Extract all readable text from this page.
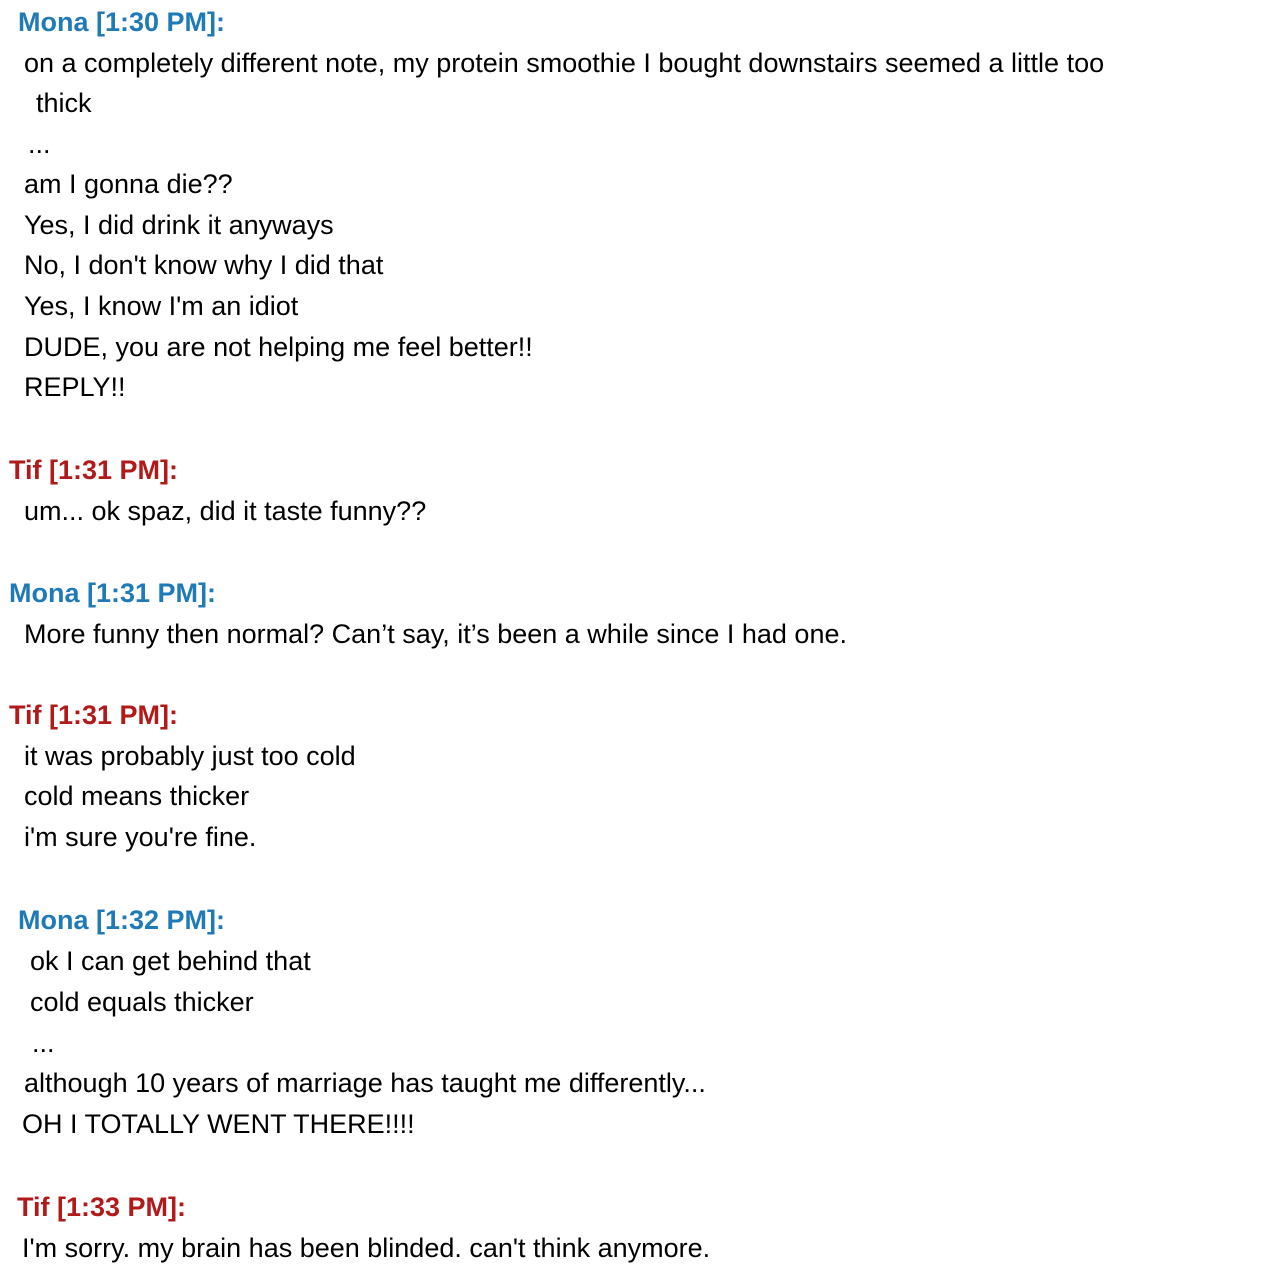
Mona [1:30 PM]:
on a completely different note, my protein smoothie I bought downstairs seemed a little too
thick
...
am I gonna die??
Yes, I did drink it anyways
No, I don't know why I did that
Yes, I know I'm an idiot
DUDE, you are not helping me feel better!!
REPLY!!
Tif [1:31 PM]:
um... ok spaz, did it taste funny??
Mona [1:31 PM]:
More funny then normal? Can’t say, it’s been a while since I had one.
Tif [1:31 PM]:
it was probably just too cold
cold means thicker
i'm sure you're fine.
Mona [1:32 PM]:
ok I can get behind that
cold equals thicker
...
although 10 years of marriage has taught me differently...
OH I TOTALLY WENT THERE!!!!
Tif [1:33 PM]:
I'm sorry. my brain has been blinded. can't think anymore.
